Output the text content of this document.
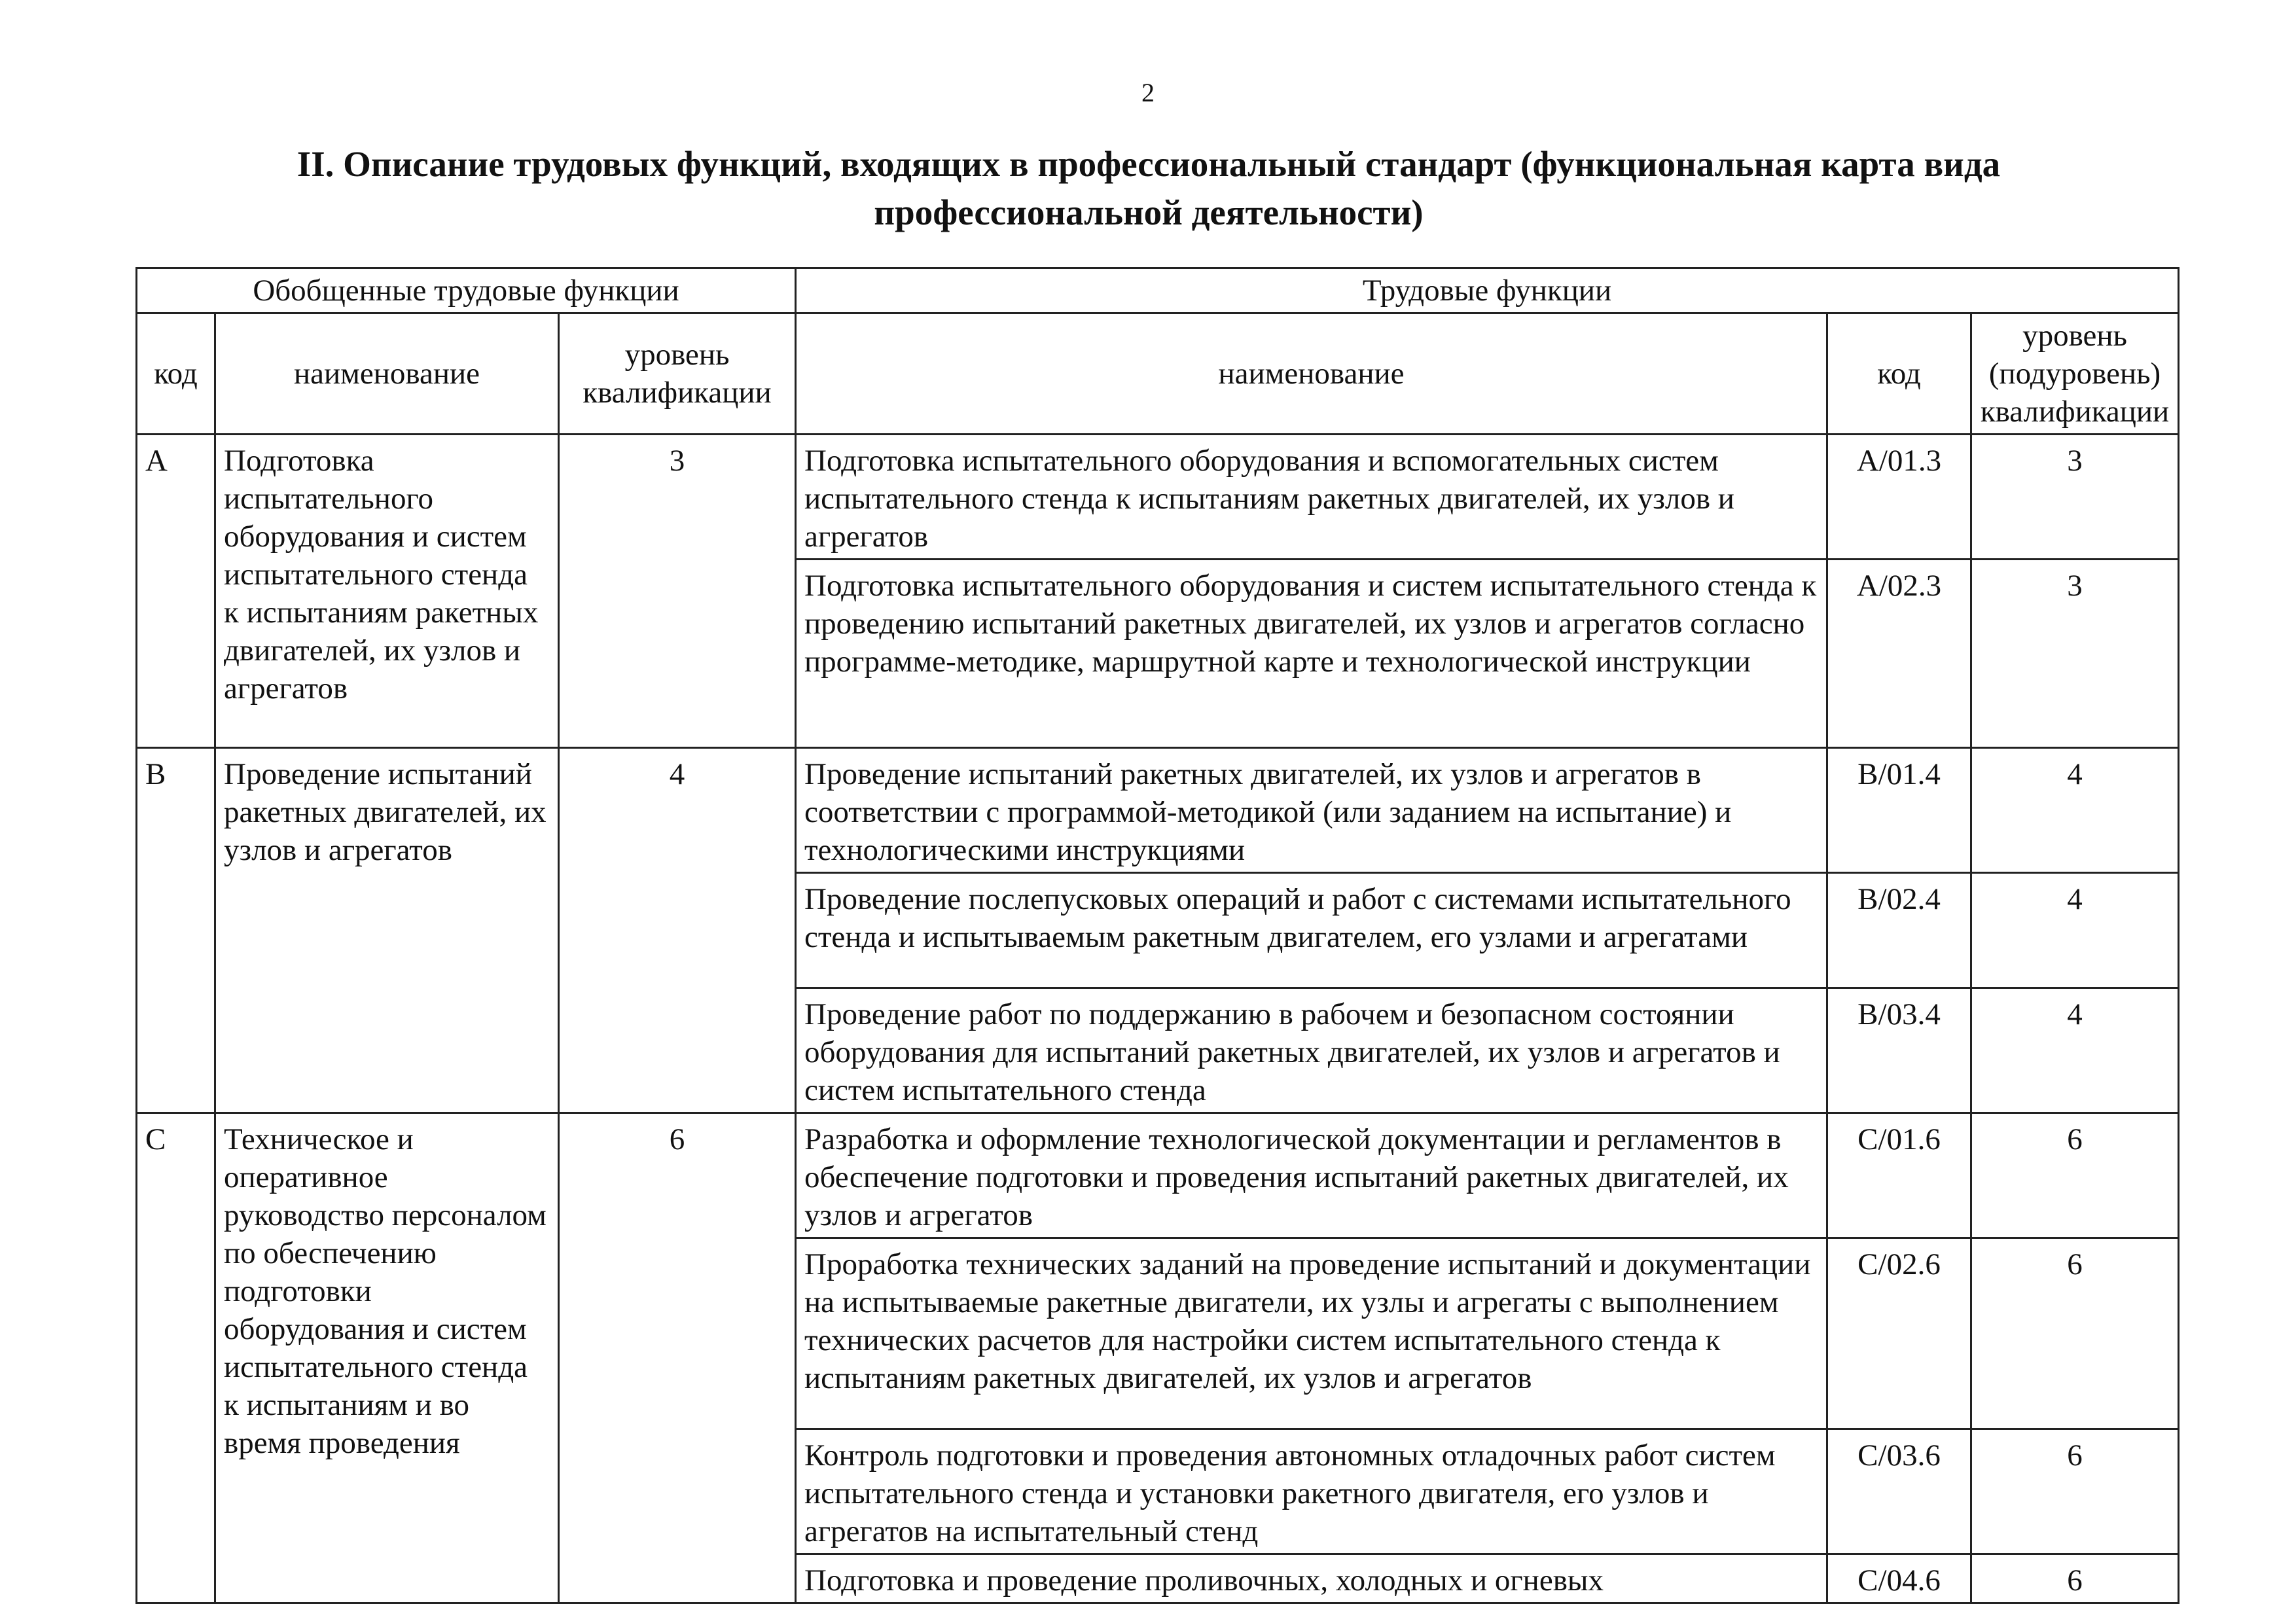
2
II. Описание трудовых функций, входящих в профессиональный стандарт (функциональная карта вида профессиональной деятельности)
Обобщенные трудовые функции			Трудовые функции		
код	наименование	уровень квалификации	наименование	код	уровень (подуровень) квалификации
A	Подготовка испытательного оборудования и систем испытательного стенда к испытаниям ракетных двигателей, их узлов и агрегатов	3	Подготовка испытательного оборудования и вспомогательных систем испытательного стенда к испытаниям ракетных двигателей, их узлов и агрегатов	A/01.3	3
			Подготовка испытательного оборудования и систем испытательного стенда к проведению испытаний ракетных двигателей, их узлов и агрегатов согласно программе-методике, маршрутной карте и технологической инструкции	A/02.3	3
B	Проведение испытаний ракетных двигателей, их узлов и агрегатов	4	Проведение испытаний ракетных двигателей, их узлов и агрегатов в соответствии с программой-методикой (или заданием на испытание) и технологическими инструкциями	B/01.4	4
			Проведение послепусковых операций и работ с системами испытательного стенда и испытываемым ракетным двигателем, его узлами и агрегатами	B/02.4	4
			Проведение работ по поддержанию в рабочем и безопасном состоянии оборудования для испытаний ракетных двигателей, их узлов и агрегатов и систем испытательного стенда	B/03.4	4
C	Техническое и оперативное руководство персоналом по обеспечению подготовки оборудования и систем испытательного стенда к испытаниям и во время проведения	6	Разработка и оформление технологической документации и регламентов в обеспечение подготовки и проведения испытаний ракетных двигателей, их узлов и агрегатов	C/01.6	6
			Проработка технических заданий на проведение испытаний и документации на испытываемые ракетные двигатели, их узлы и агрегаты с выполнением технических расчетов для настройки систем испытательного стенда к испытаниям ракетных двигателей, их узлов и агрегатов	C/02.6	6
			Контроль подготовки и проведения автономных отладочных работ систем испытательного стенда и установки ракетного двигателя, его узлов и агрегатов на испытательный стенд	C/03.6	6
			Подготовка и проведение проливочных, холодных и огневых	C/04.6	6
